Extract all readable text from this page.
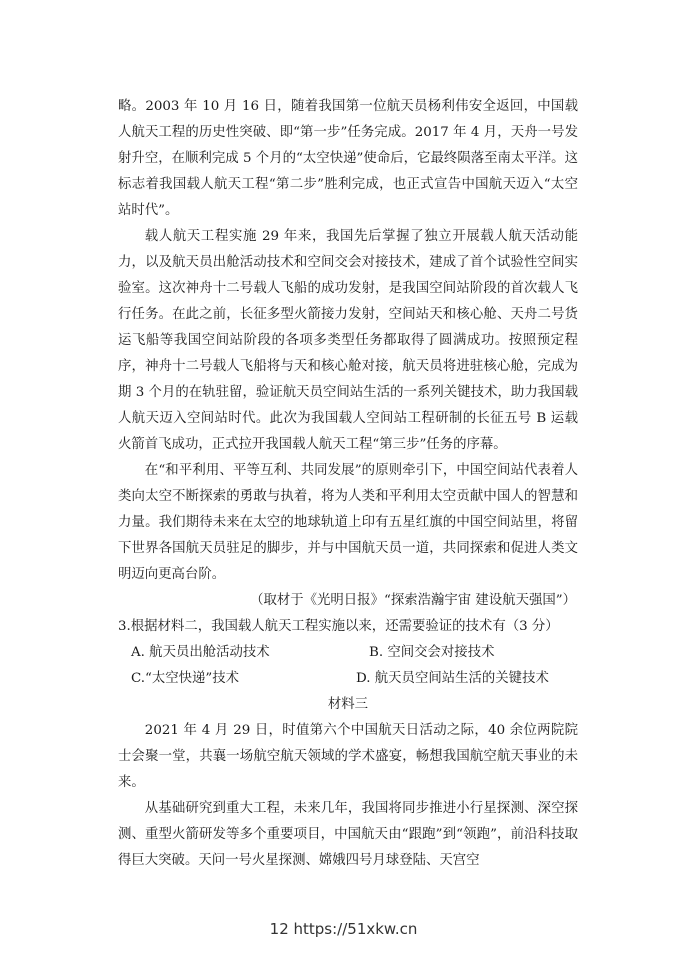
略。2003 年 10 月 16 日，随着我国第一位航天员杨利伟安全返回，中国载人航天工程的历史性突破、即“第一步”任务完成。2017 年 4 月，天舟一号发射升空，在顺利完成 5 个月的“太空快递”使命后，它最终陨落至南太平洋。这标志着我国载人航天工程“第二步”胜利完成，也正式宣告中国航天迈入“太空站时代”。

载人航天工程实施 29 年来，我国先后掌握了独立开展载人航天活动能力，以及航天员出舱活动技术和空间交会对接技术，建成了首个试验性空间实验室。这次神舟十二号载人飞船的成功发射，是我国空间站阶段的首次载人飞行任务。在此之前，长征多型火箭接力发射，空间站天和核心舱、天舟二号货运飞船等我国空间站阶段的各项多类型任务都取得了圆满成功。按照预定程序，神舟十二号载人飞船将与天和核心舱对接，航天员将进驻核心舱，完成为期 3 个月的在轨驻留，验证航天员空间站生活的一系列关键技术，助力我国载人航天迈入空间站时代。此次为我国载人空间站工程研制的长征五号 B 运载火箭首飞成功，正式拉开我国载人航天工程“第三步”任务的序幕。

在“和平利用、平等互利、共同发展”的原则牵引下，中国空间站代表着人类向太空不断探索的勇敢与执着，将为人类和平利用太空贡献中国人的智慧和力量。我们期待未来在太空的地球轨道上印有五星红旗的中国空间站里，将留下世界各国航天员驻足的脚步，并与中国航天员一道，共同探索和促进人类文明迈向更高台阶。

（取材于《光明日报》“探索浩瀚宇宙 建设航天强国”）

3.根据材料二，我国载人航天工程实施以来，还需要验证的技术有（3 分）

A. 航天员出舱活动技术	B. 空间交会对接技术
C.“太空快递”技术	D. 航天员空间站生活的关键技术

材料三

2021 年 4 月 29 日，时值第六个中国航天日活动之际，40 余位两院院士会聚一堂，共襄一场航空航天领域的学术盛宴，畅想我国航空航天事业的未来。

从基础研究到重大工程，未来几年，我国将同步推进小行星探测、深空探测、重型火箭研发等多个重要项目，中国航天由“跟跑”到“领跑”，前沿科技取得巨大突破。天问一号火星探测、嫦娥四号月球登陆、天宫空

12 https://51xkw.cn
